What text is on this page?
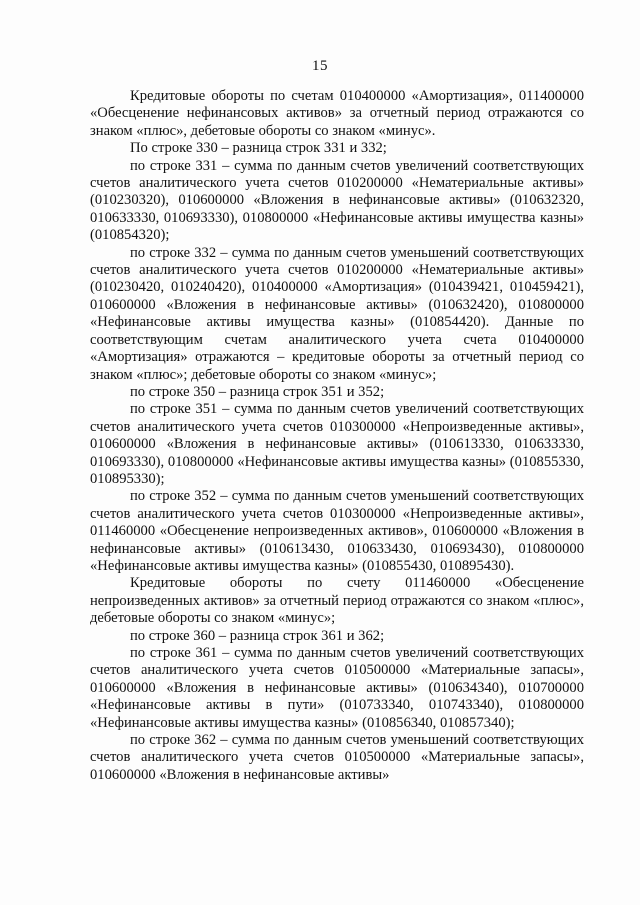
15

Кредитовые обороты по счетам 010400000 «Амортизация», 011400000 «Обесценение нефинансовых активов» за отчетный период отражаются со знаком «плюс», дебетовые обороты со знаком «минус».

По строке 330 – разница строк 331 и 332;

по строке 331 – сумма по данным счетов увеличений соответствующих счетов аналитического учета счетов 010200000 «Нематериальные активы» (010230320), 010600000 «Вложения в нефинансовые активы» (010632320, 010633330, 010693330), 010800000 «Нефинансовые активы имущества казны» (010854320);

по строке 332 – сумма по данным счетов уменьшений соответствующих счетов аналитического учета счетов 010200000 «Нематериальные активы» (010230420, 010240420), 010400000 «Амортизация» (010439421, 010459421), 010600000 «Вложения в нефинансовые активы» (010632420), 010800000 «Нефинансовые активы имущества казны» (010854420). Данные по соответствующим счетам аналитического учета счета 010400000 «Амортизация» отражаются – кредитовые обороты за отчетный период со знаком «плюс»; дебетовые обороты со знаком «минус»;

по строке 350 – разница строк 351 и 352;

по строке 351 – сумма по данным счетов увеличений соответствующих счетов аналитического учета счетов 010300000 «Непроизведенные активы», 010600000 «Вложения в нефинансовые активы» (010613330, 010633330, 010693330), 010800000 «Нефинансовые активы имущества казны» (010855330, 010895330);

по строке 352 – сумма по данным счетов уменьшений соответствующих счетов аналитического учета счетов 010300000 «Непроизведенные активы», 011460000 «Обесценение непроизведенных активов», 010600000 «Вложения в нефинансовые активы» (010613430, 010633430, 010693430), 010800000 «Нефинансовые активы имущества казны» (010855430, 010895430).

Кредитовые обороты по счету 011460000 «Обесценение непроизведенных активов» за отчетный период отражаются со знаком «плюс», дебетовые обороты со знаком «минус»;

по строке 360 – разница строк 361 и 362;

по строке 361 – сумма по данным счетов увеличений соответствующих счетов аналитического учета счетов 010500000 «Материальные запасы», 010600000 «Вложения в нефинансовые активы» (010634340), 010700000 «Нефинансовые активы в пути» (010733340, 010743340), 010800000 «Нефинансовые активы имущества казны» (010856340, 010857340);

по строке 362 – сумма по данным счетов уменьшений соответствующих счетов аналитического учета счетов 010500000 «Материальные запасы», 010600000 «Вложения в нефинансовые активы»
